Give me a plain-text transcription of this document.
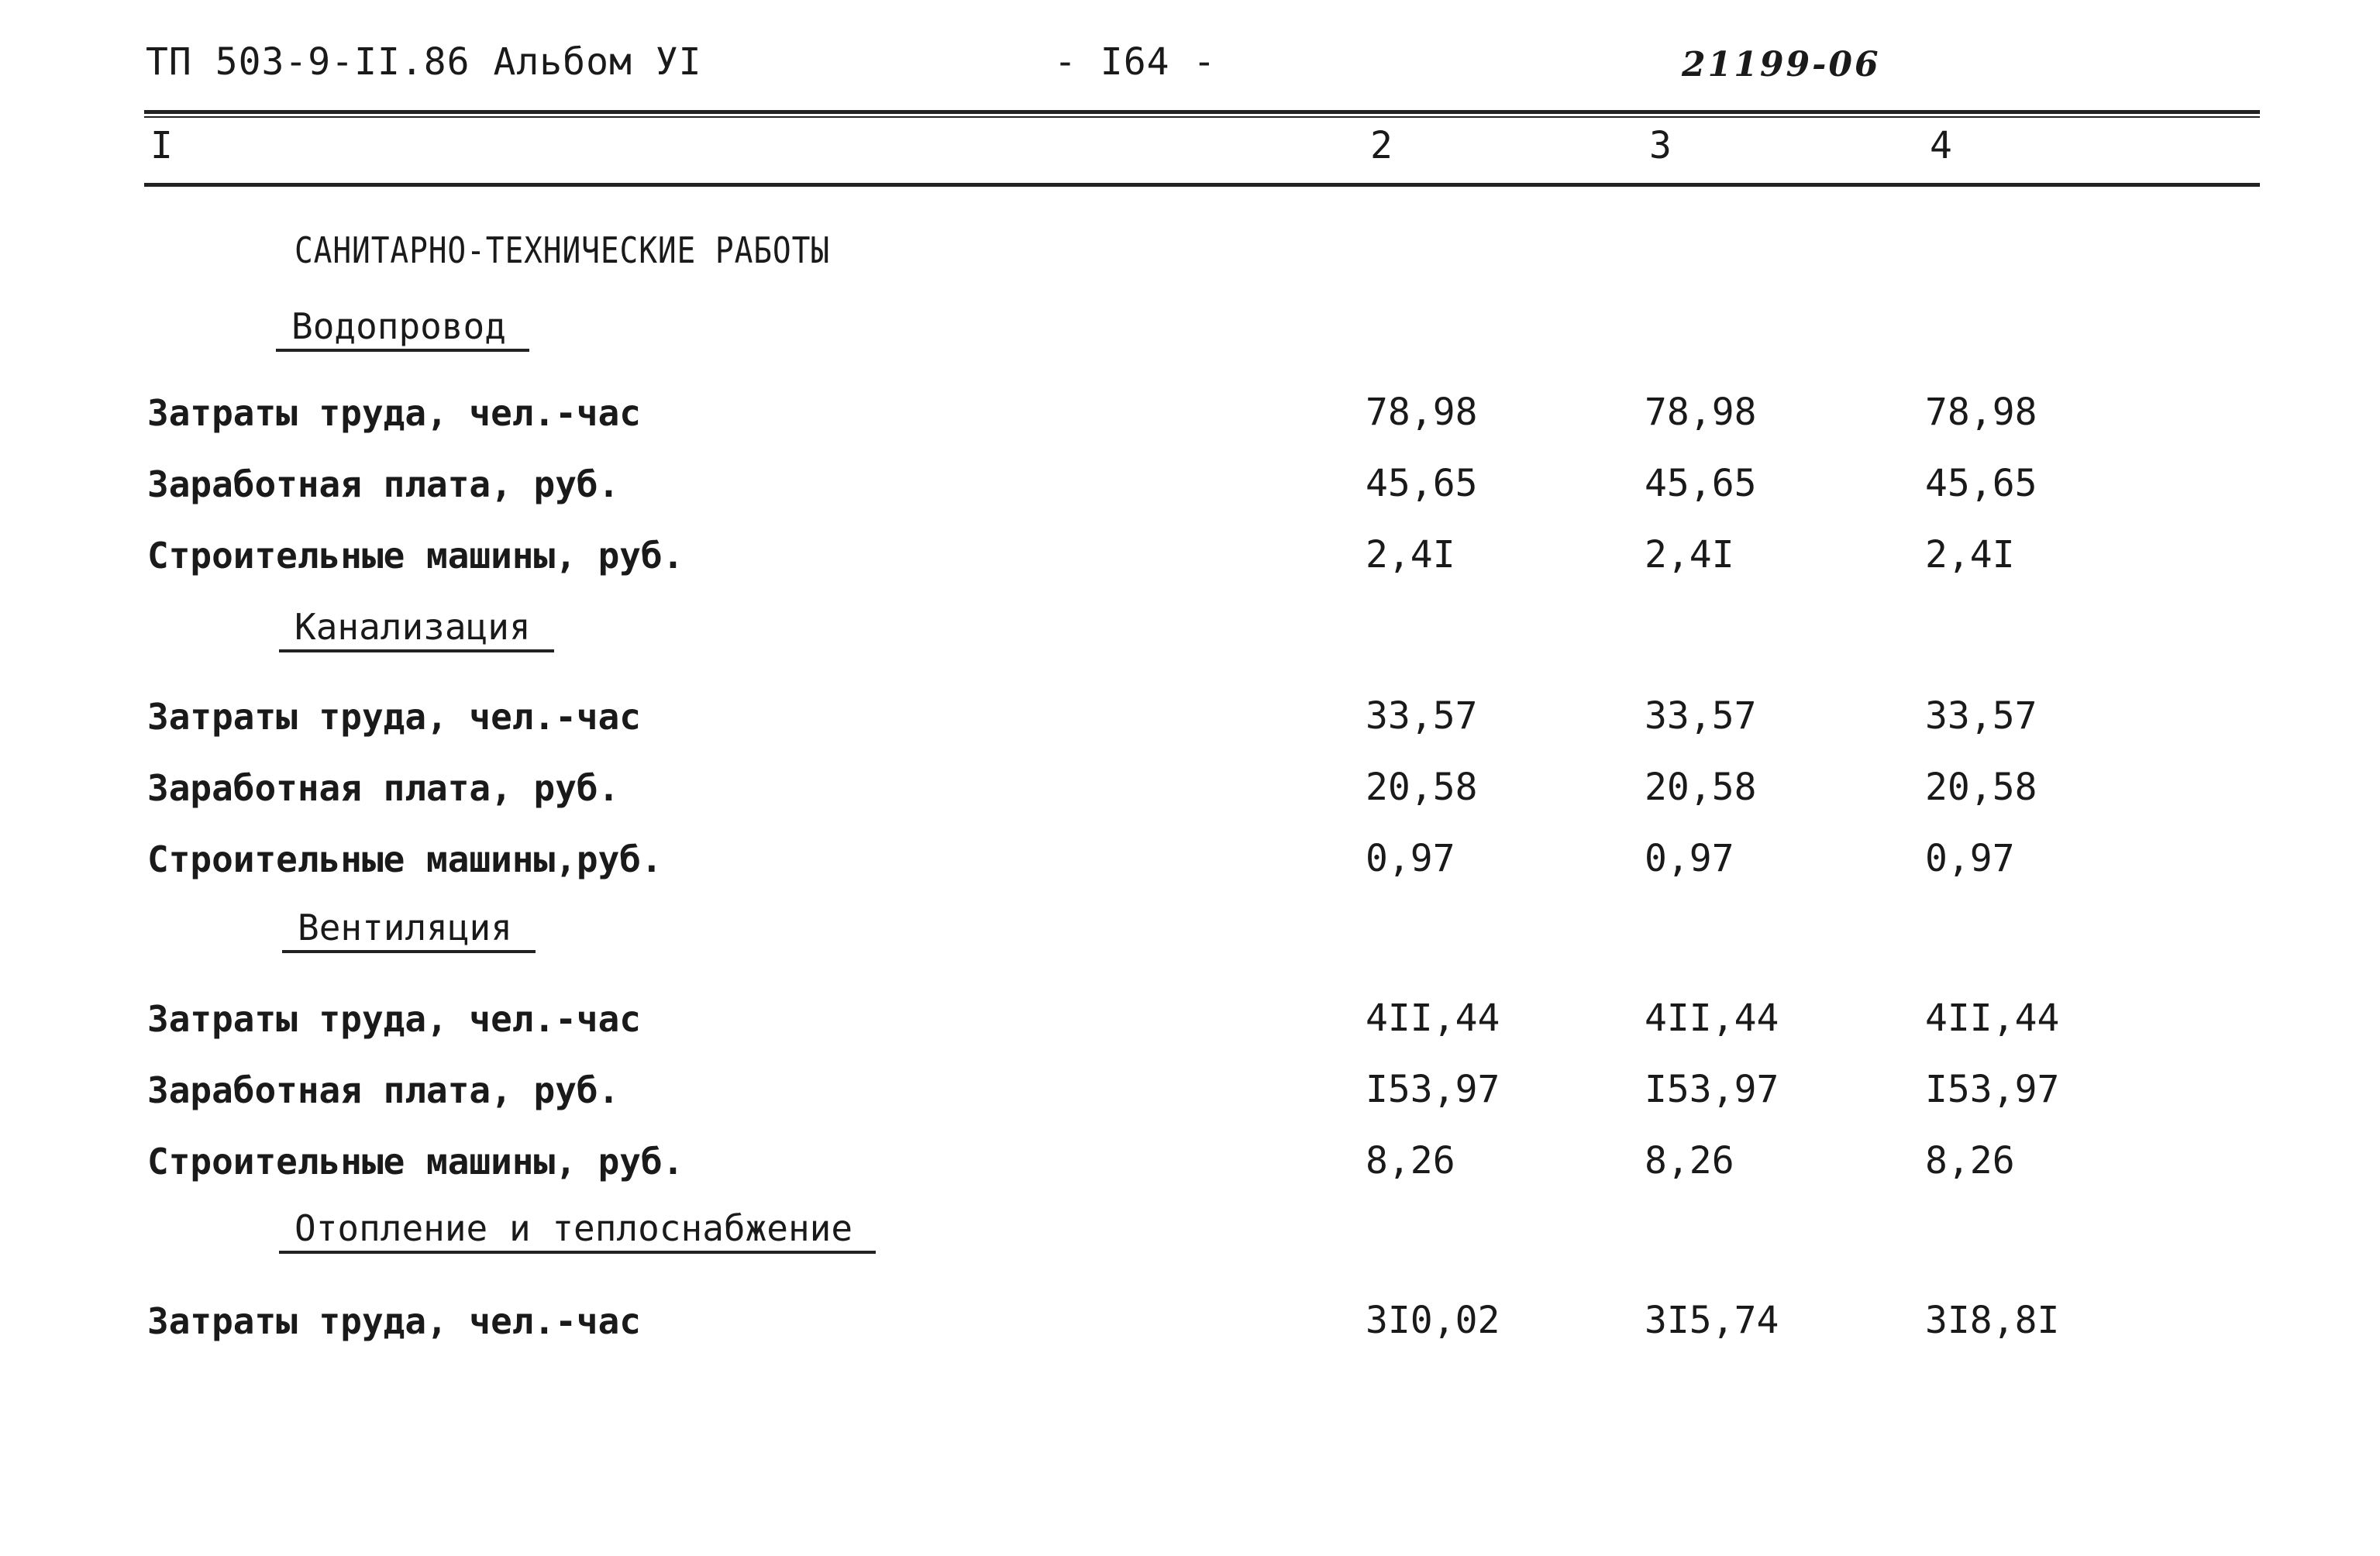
ТП 503-9-II.86 Альбом УI	- I64 -	21199-06
I	2	3	4
САНИТАРНО-ТЕХНИЧЕСКИЕ РАБОТЫ
Водопровод
Затраты труда, чел.-час	78,98	78,98	78,98
Заработная плата, руб.	45,65	45,65	45,65
Строительные машины, руб.	2,4I	2,4I	2,4I
Канализация
Затраты труда, чел.-час	33,57	33,57	33,57
Заработная плата, руб.	20,58	20,58	20,58
Строительные машины,руб.	0,97	0,97	0,97
Вентиляция
Затраты труда, чел.-час	4II,44	4II,44	4II,44
Заработная плата, руб.	I53,97	I53,97	I53,97
Строительные машины, руб.	8,26	8,26	8,26
Отопление и теплоснабжение
Затраты труда, чел.-час	3I0,02	3I5,74	3I8,8I
